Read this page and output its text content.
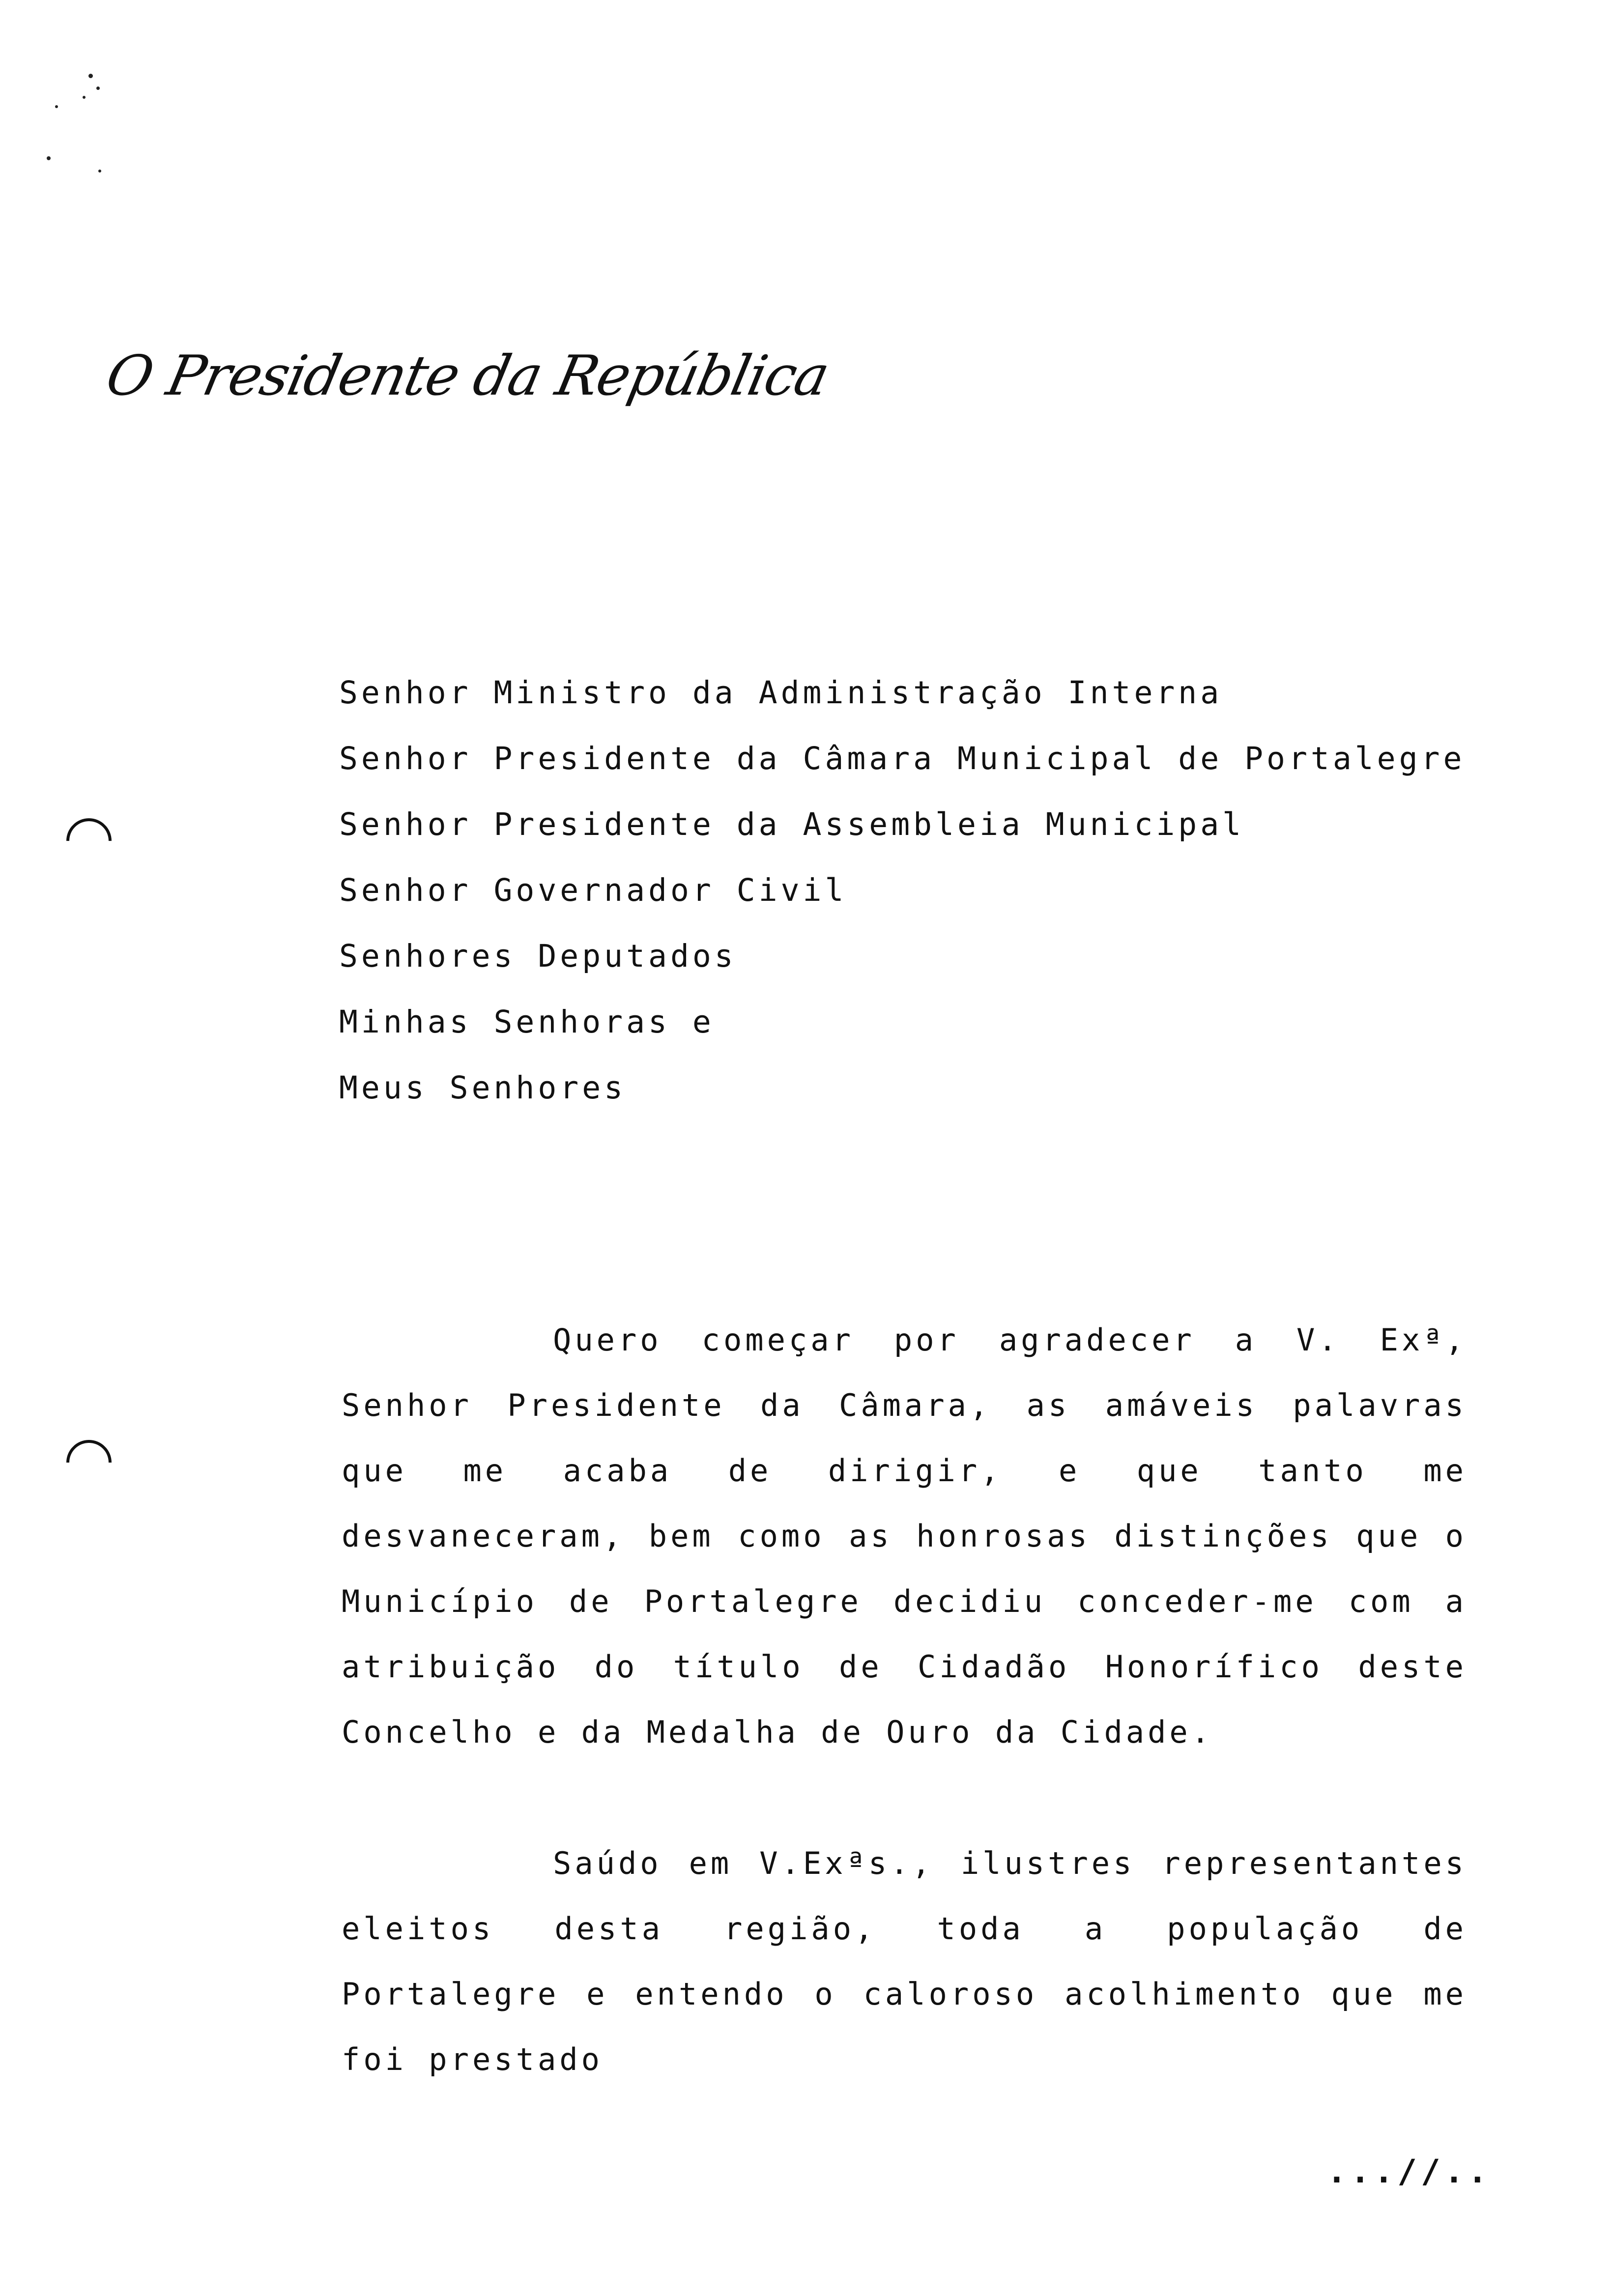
O Presidente da República
Senhor Ministro da Administração Interna
Senhor Presidente da Câmara Municipal de Portalegre
Senhor Presidente da Assembleia Municipal
Senhor Governador Civil
Senhores Deputados
Minhas Senhoras e
Meus Senhores

Quero começar por agradecer a V. Exª, Senhor Presidente da Câmara, as amáveis palavras que me acaba de dirigir, e que tanto me desvaneceram, bem como as honrosas distinções que o Município de Portalegre decidiu conceder-me com a atribuição do título de Cidadão Honorífico deste Concelho e da Medalha de Ouro da Cidade.

Saúdo em V.Exªs., ilustres representantes eleitos desta região, toda a população de Portalegre e entendo o caloroso acolhimento que me foi prestado

...//..
